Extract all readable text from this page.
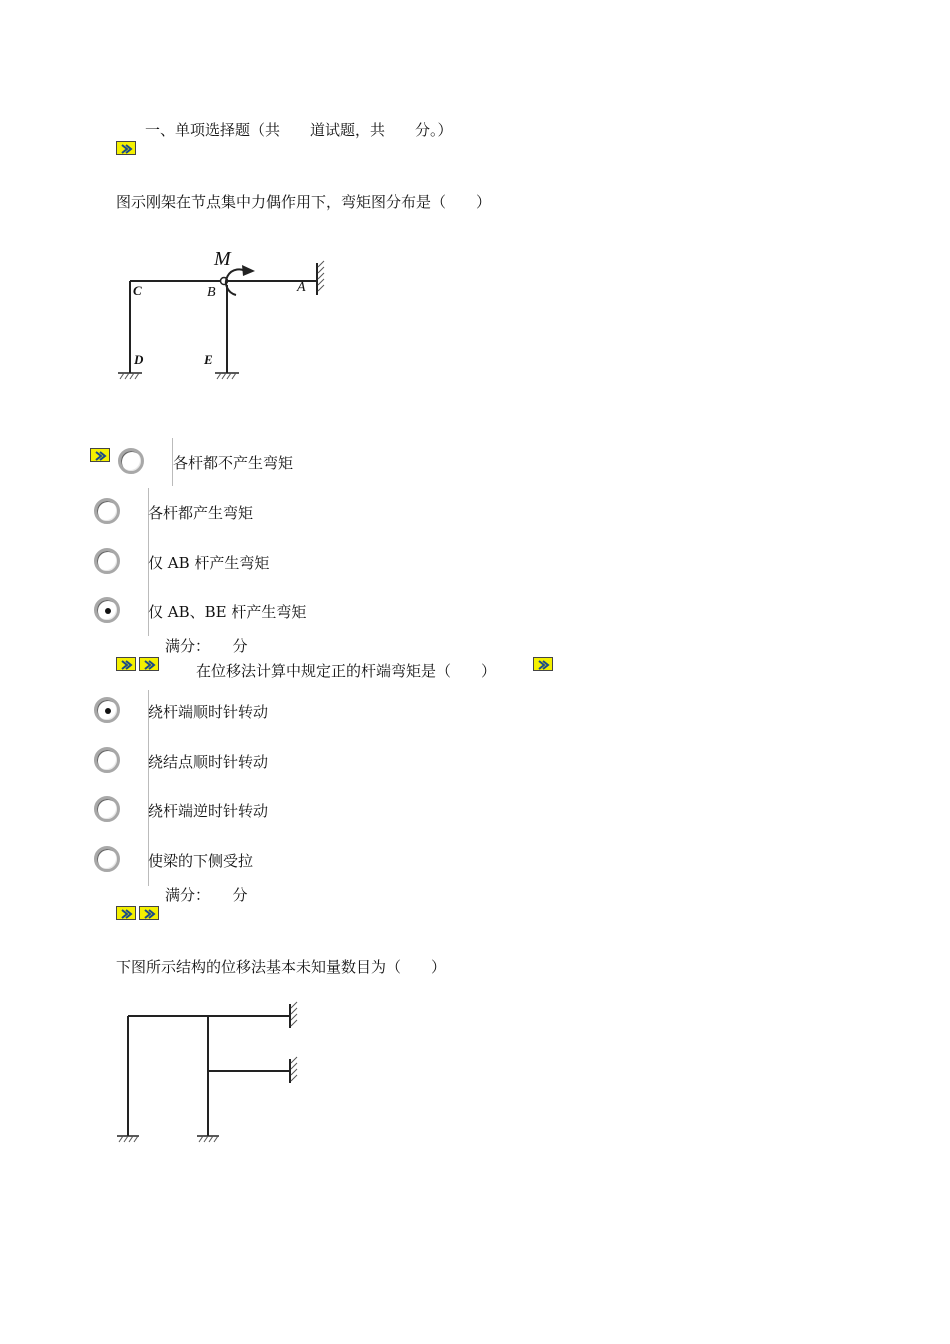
一、单项选择题（共　　道试题，共　　分。）
图示刚架在节点集中力偶作用下，弯矩图分布是（　　）
M
B	A
C
D	E
各杆都不产生弯矩
各杆都产生弯矩
仅 AB 杆产生弯矩
仅 AB、BE 杆产生弯矩
满分：　　分
在位移法计算中规定正的杆端弯矩是（　　）
绕杆端顺时针转动
绕结点顺时针转动
绕杆端逆时针转动
使梁的下侧受拉
满分：　　分
下图所示结构的位移法基本未知量数目为（　　）
